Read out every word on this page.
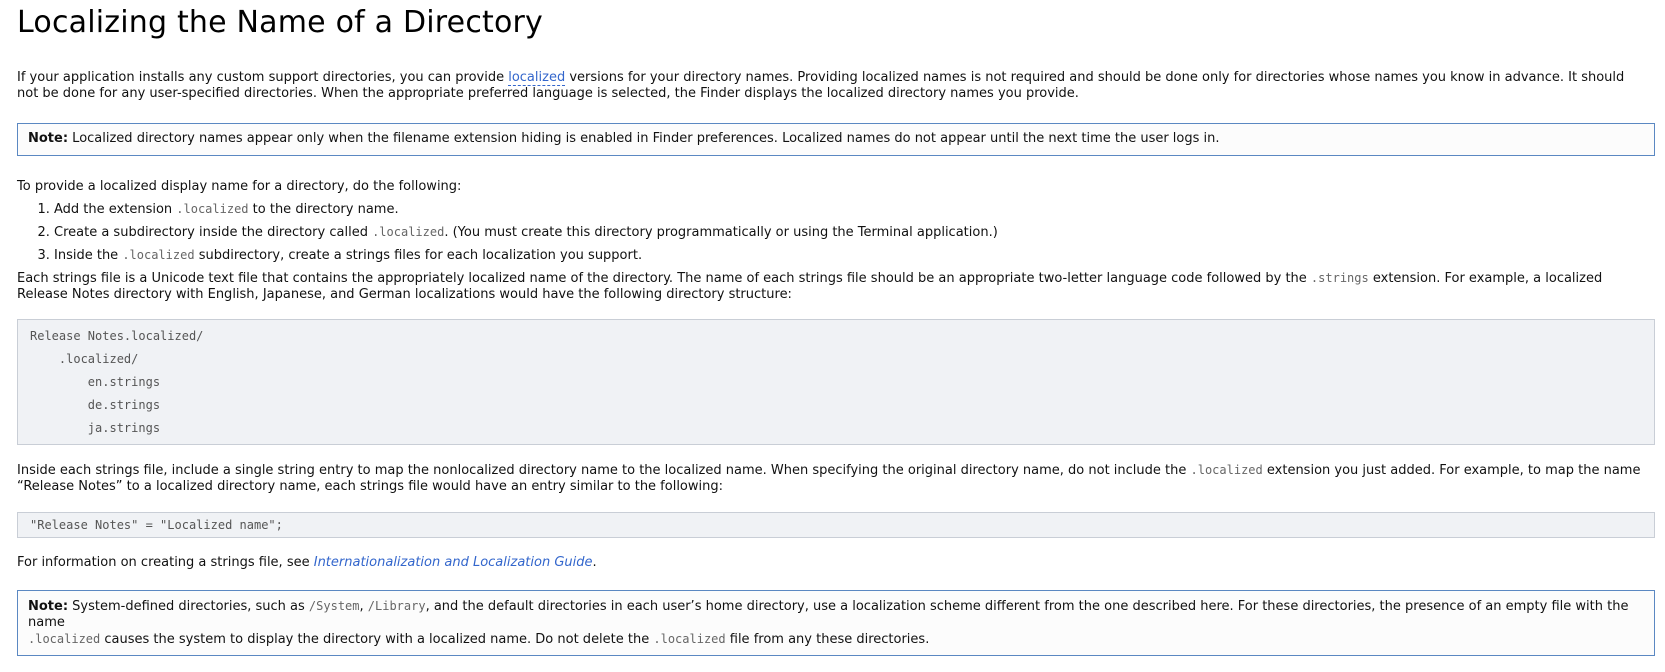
Localizing the Name of a Directory

If your application installs any custom support directories, you can provide localized versions for your directory names. Providing localized names is not required and should be done only for directories whose names you know in advance. It should not be done for any user-specified directories. When the appropriate preferred language is selected, the Finder displays the localized directory names you provide.

Note: Localized directory names appear only when the filename extension hiding is enabled in Finder preferences. Localized names do not appear until the next time the user logs in.

To provide a localized display name for a directory, do the following:

1. Add the extension .localized to the directory name.
2. Create a subdirectory inside the directory called .localized. (You must create this directory programmatically or using the Terminal application.)
3. Inside the .localized subdirectory, create a strings files for each localization you support.

Each strings file is a Unicode text file that contains the appropriately localized name of the directory. The name of each strings file should be an appropriate two-letter language code followed by the .strings extension. For example, a localized Release Notes directory with English, Japanese, and German localizations would have the following directory structure:

Release Notes.localized/
.localized/
en.strings
de.strings
ja.strings

Inside each strings file, include a single string entry to map the nonlocalized directory name to the localized name. When specifying the original directory name, do not include the .localized extension you just added. For example, to map the name “Release Notes” to a localized directory name, each strings file would have an entry similar to the following:

"Release Notes" = "Localized name";

For information on creating a strings file, see Internationalization and Localization Guide.

Note: System-defined directories, such as /System, /Library, and the default directories in each user’s home directory, use a localization scheme different from the one described here. For these directories, the presence of an empty file with the name
.localized causes the system to display the directory with a localized name. Do not delete the .localized file from any these directories.
